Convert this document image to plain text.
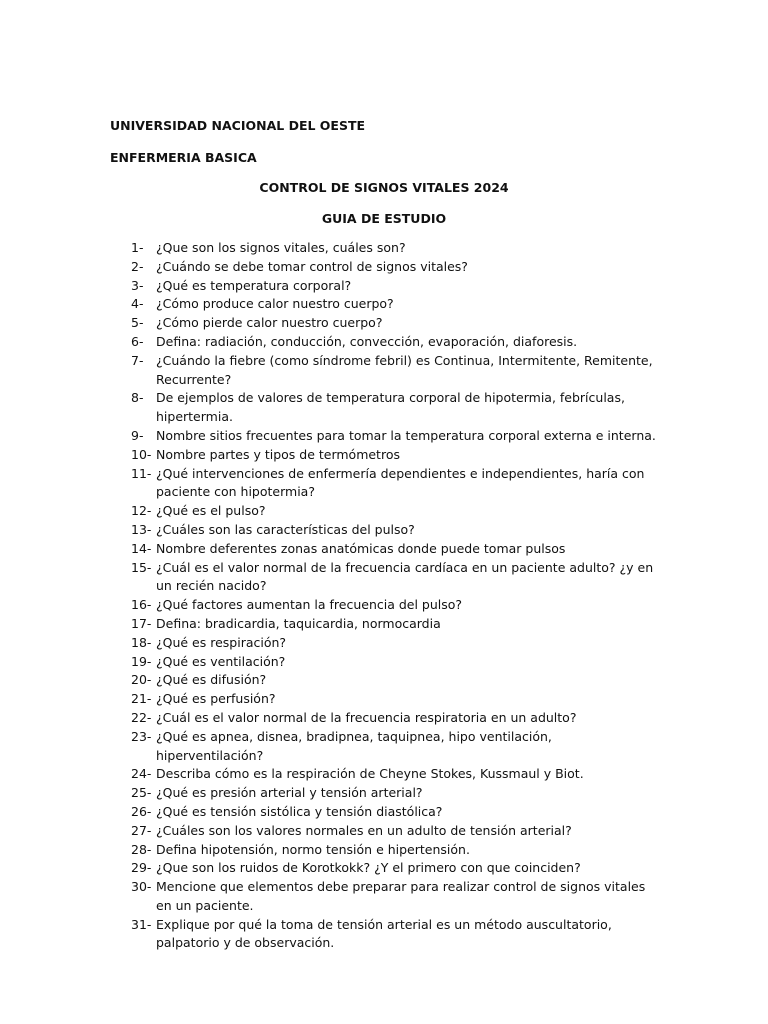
UNIVERSIDAD NACIONAL DEL OESTE
ENFERMERIA BASICA
CONTROL DE SIGNOS VITALES 2024
GUIA DE ESTUDIO
1- ¿Que son los signos vitales, cuáles son?
2- ¿Cuándo se debe tomar control de signos vitales?
3- ¿Qué es temperatura corporal?
4- ¿Cómo produce calor nuestro cuerpo?
5- ¿Cómo pierde calor nuestro cuerpo?
6- Defina: radiación, conducción, convección, evaporación, diaforesis.
7- ¿Cuándo la fiebre (como síndrome febril) es Continua, Intermitente, Remitente, Recurrente?
8- De ejemplos de valores de temperatura corporal de hipotermia, febrículas, hipertermia.
9- Nombre sitios frecuentes para tomar la temperatura corporal externa e interna.
10- Nombre partes y tipos de termómetros
11- ¿Qué intervenciones de enfermería dependientes e independientes, haría con paciente con hipotermia?
12- ¿Qué es el pulso?
13- ¿Cuáles son las características del pulso?
14- Nombre deferentes zonas anatómicas donde puede tomar pulsos
15- ¿Cuál es el valor normal de la frecuencia cardíaca en un paciente adulto? ¿y en un recién nacido?
16- ¿Qué factores aumentan la frecuencia del pulso?
17- Defina: bradicardia, taquicardia, normocardia
18- ¿Qué es respiración?
19- ¿Qué es ventilación?
20- ¿Qué es difusión?
21- ¿Qué es perfusión?
22- ¿Cuál es el valor normal de la frecuencia respiratoria en un adulto?
23- ¿Qué es apnea, disnea, bradipnea, taquipnea, hipo ventilación, hiperventilación?
24- Describa cómo es la respiración de Cheyne Stokes, Kussmaul y Biot.
25- ¿Qué es presión arterial y tensión arterial?
26- ¿Qué es tensión sistólica y tensión diastólica?
27- ¿Cuáles son los valores normales en un adulto de tensión arterial?
28- Defina hipotensión, normo tensión e hipertensión.
29- ¿Que son los ruidos de Korotkokk? ¿Y el primero con que coinciden?
30- Mencione que elementos debe preparar para realizar control de signos vitales en un paciente.
31- Explique por qué la toma de tensión arterial es un método auscultatorio, palpatorio y de observación.
